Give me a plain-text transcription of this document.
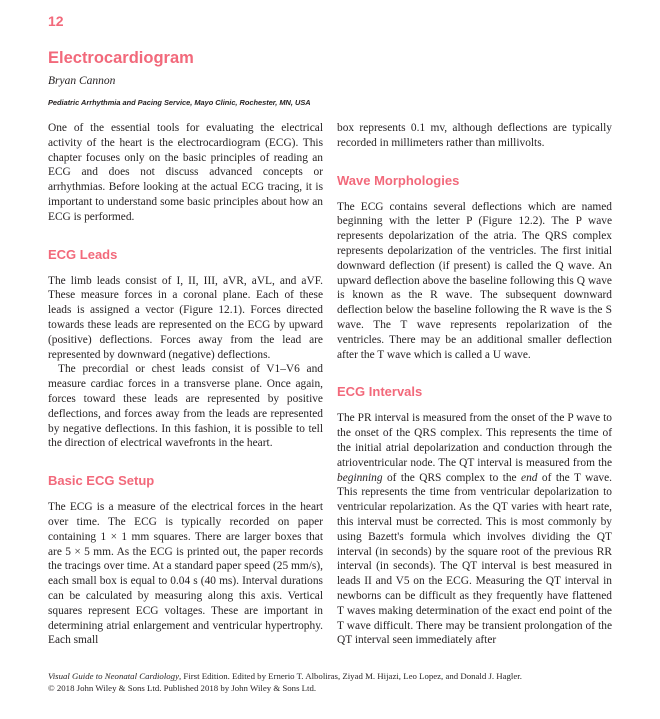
12
Electrocardiogram
Bryan Cannon
Pediatric Arrhythmia and Pacing Service, Mayo Clinic, Rochester, MN, USA

One of the essential tools for evaluating the electrical activity of the heart is the electrocardiogram (ECG). This chapter focuses only on the basic principles of reading an ECG and does not discuss advanced concepts or arrhythmias. Before looking at the actual ECG tracing, it is important to understand some basic principles about how an ECG is performed.

ECG Leads

The limb leads consist of I, II, III, aVR, aVL, and aVF. These measure forces in a coronal plane. Each of these leads is assigned a vector (Figure 12.1). Forces directed towards these leads are represented on the ECG by upward (positive) deflections. Forces away from the lead are represented by downward (negative) deflections.

The precordial or chest leads consist of V1–V6 and measure cardiac forces in a transverse plane. Once again, forces toward these leads are represented by positive deflections, and forces away from the leads are represented by negative deflections. In this fashion, it is possible to tell the direction of electrical wavefronts in the heart.

Basic ECG Setup

The ECG is a measure of the electrical forces in the heart over time. The ECG is typically recorded on paper containing 1 × 1 mm squares. There are larger boxes that are 5 × 5 mm. As the ECG is printed out, the paper records the tracings over time. At a standard paper speed (25 mm/s), each small box is equal to 0.04 s (40 ms). Interval durations can be calculated by measuring along this axis. Vertical squares represent ECG voltages. These are important in determining atrial enlargement and ventricular hypertrophy. Each small

box represents 0.1 mv, although deflections are typically recorded in millimeters rather than millivolts.

Wave Morphologies

The ECG contains several deflections which are named beginning with the letter P (Figure 12.2). The P wave represents depolarization of the atria. The QRS complex represents depolarization of the ventricles. The first initial downward deflection (if present) is called the Q wave. An upward deflection above the baseline following this Q wave is known as the R wave. The subsequent downward deflection below the baseline following the R wave is the S wave. The T wave represents repolarization of the ventricles. There may be an additional smaller deflection after the T wave which is called a U wave.

ECG Intervals

The PR interval is measured from the onset of the P wave to the onset of the QRS complex. This represents the time of the initial atrial depolarization and conduction through the atrioventricular node. The QT interval is measured from the beginning of the QRS complex to the end of the T wave. This represents the time from ventricular depolarization to ventricular repolarization. As the QT varies with heart rate, this interval must be corrected. This is most commonly by using Bazett's formula which involves dividing the QT interval (in seconds) by the square root of the previous RR interval (in seconds). The QT interval is best measured in leads II and V5 on the ECG. Measuring the QT interval in newborns can be difficult as they frequently have flattened T waves making determination of the exact end point of the T wave difficult. There may be transient prolongation of the QT interval seen immediately after

Visual Guide to Neonatal Cardiology, First Edition. Edited by Ernerio T. Alboliras, Ziyad M. Hijazi, Leo Lopez, and Donald J. Hagler.
© 2018 John Wiley & Sons Ltd. Published 2018 by John Wiley & Sons Ltd.
